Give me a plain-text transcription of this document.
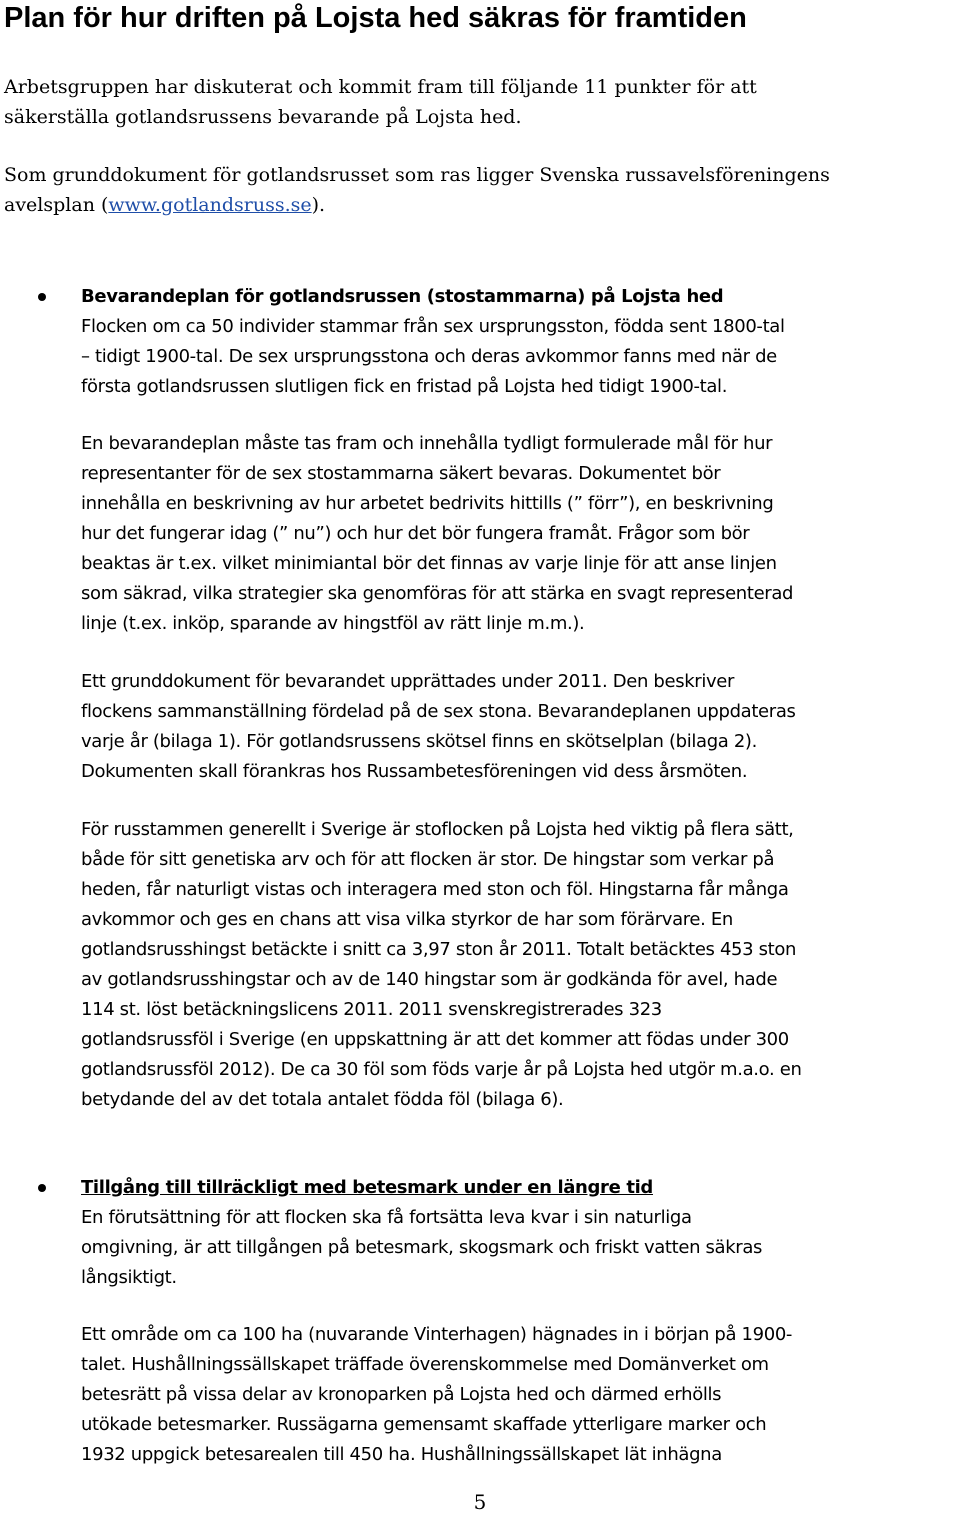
Plan för hur driften på Lojsta hed säkras för framtiden

Arbetsgruppen har diskuterat och kommit fram till följande 11 punkter för att
säkerställa gotlandsrussens bevarande på Lojsta hed.

Som grunddokument för gotlandsrusset som ras ligger Svenska russavelsföreningens
avelsplan (www.gotlandsruss.se).

Bevarandeplan för gotlandsrussen (stostammarna) på Lojsta hed
Flocken om ca 50 individer stammar från sex ursprungsston, födda sent 1800-tal
– tidigt 1900-tal. De sex ursprungsstona och deras avkommor fanns med när de
första gotlandsrussen slutligen fick en fristad på Lojsta hed tidigt 1900-tal.
En bevarandeplan måste tas fram och innehålla tydligt formulerade mål för hur
representanter för de sex stostammarna säkert bevaras. Dokumentet bör
innehålla en beskrivning av hur arbetet bedrivits hittills (” förr”), en beskrivning
hur det fungerar idag (” nu”) och hur det bör fungera framåt. Frågor som bör
beaktas är t.ex. vilket minimiantal bör det finnas av varje linje för att anse linjen
som säkrad, vilka strategier ska genomföras för att stärka en svagt representerad
linje (t.ex. inköp, sparande av hingstföl av rätt linje m.m.).
Ett grunddokument för bevarandet upprättades under 2011. Den beskriver
flockens sammanställning fördelad på de sex stona. Bevarandeplanen uppdateras
varje år (bilaga 1). För gotlandsrussens skötsel finns en skötselplan (bilaga 2).
Dokumenten skall förankras hos Russambetesföreningen vid dess årsmöten.
För russtammen generellt i Sverige är stoflocken på Lojsta hed viktig på flera sätt,
både för sitt genetiska arv och för att flocken är stor. De hingstar som verkar på
heden, får naturligt vistas och interagera med ston och föl. Hingstarna får många
avkommor och ges en chans att visa vilka styrkor de har som förärvare. En
gotlandsrusshingst betäckte i snitt ca 3,97 ston år 2011. Totalt betäcktes 453 ston
av gotlandsrusshingstar och av de 140 hingstar som är godkända för avel, hade
114 st. löst betäckningslicens 2011. 2011 svenskregistrerades 323
gotlandsrussföl i Sverige (en uppskattning är att det kommer att födas under 300
gotlandsrussföl 2012). De ca 30 föl som föds varje år på Lojsta hed utgör m.a.o. en
betydande del av det totala antalet födda föl (bilaga 6).
Tillgång till tillräckligt med betesmark under en längre tid
En förutsättning för att flocken ska få fortsätta leva kvar i sin naturliga
omgivning, är att tillgången på betesmark, skogsmark och friskt vatten säkras
långsiktigt.
Ett område om ca 100 ha (nuvarande Vinterhagen) hägnades in i början på 1900-
talet. Hushållningssällskapet träffade överenskommelse med Domänverket om
betesrätt på vissa delar av kronoparken på Lojsta hed och därmed erhölls
utökade betesmarker. Russägarna gemensamt skaffade ytterligare marker och
1932 uppgick betesarealen till 450 ha. Hushållningssällskapet lät inhägna

5
